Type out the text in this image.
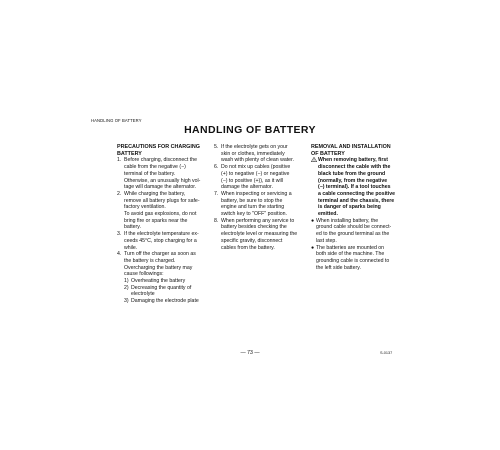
HANDLING OF BATTERY
HANDLING OF BATTERY
PRECAUTIONS FOR CHARGING
BATTERY
1. Before charging, disconnect the
cable from the negative (−)
terminal of the battery.
Otherwise, an unusually high vol-
tage will damage the alternator.
2. While charging the battery,
remove all battery plugs for safe-
factory ventilation.
To avoid gas explosions, do not
bring fire or sparks near the
battery.
3. If the electrolyte temperature ex-
ceeds 45°C, stop charging for a
while.
4. Turn off the charger as soon as
the battery is charged.
Overcharging the battery may
cause followings:
1) Overheating the battery
2) Decreasing the quantity of
electrolyte
3) Damaging the electrode plate
5. If the electrolyte gets on your
skin or clothes, immediately
wash with plenty of clean water.
6. Do not mix up cables (positive
(+) to negative (−) or negative
(−) to positive (+)), as it will
damage the alternator.
7. When inspecting or servicing a
battery, be sure to stop the
engine and turn the starting
switch key to "OFF" position.
8. When performing any service to
battery besides checking the
electrolyte level or measuring the
specific gravity, disconnect
cables from the battery.
REMOVAL AND INSTALLATION
OF BATTERY
When removing battery, first
disconnect the cable with the
black tube from the ground
(normally, from the negative
(−) terminal). If a tool touches
a cable connecting the positive
terminal and the chassis, there
is danger of sparks being
emitted.
● When installing battery, the
ground cable should be connect-
ed to the ground terminal as the
last step.
● The batteries are mounted on
both side of the machine. The
grounding cable is connected to
the left side battery.
— 73 —	S-0137
